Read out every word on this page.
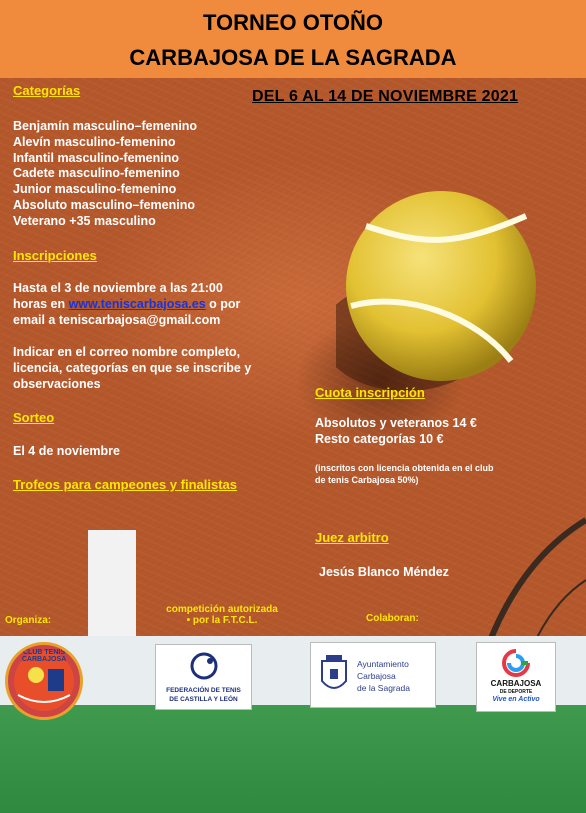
TORNEO OTOÑO
CARBAJOSA DE LA SAGRADA
DEL 6 AL 14 DE NOVIEMBRE 2021
Categorías
Benjamín masculino–femenino
Alevín masculino-femenino
Infantil masculino-femenino
Cadete masculino-femenino
Junior masculino-femenino
Absoluto masculino–femenino
Veterano +35 masculino
Inscripciones
Hasta el 3 de noviembre a las 21:00
horas en www.teniscarbajosa.es o por
email a teniscarbajosa@gmail.com
Indicar en el correo nombre completo,
licencia, categorías en que se inscribe y
observaciones
Sorteo
El 4 de noviembre
Trofeos para campeones y finalistas
Cuota inscripción
Absolutos y veteranos 14 €
Resto categorías 10 €
(inscritos con licencia obtenida en el club
de tenis Carbajosa 50%)
Juez arbitro
Jesús Blanco Méndez
Organiza:
competición autorizada
• por la F.T.C.L.	Colaboran:
CLUB TENIS CARBAJOSA
FEDERACIÓN DE TENIS
DE CASTILLA Y LEÓN
Ayuntamiento
Carbajosa
de la Sagrada	CARBAJOSA
DE DEPORTE
Vive en Activo
